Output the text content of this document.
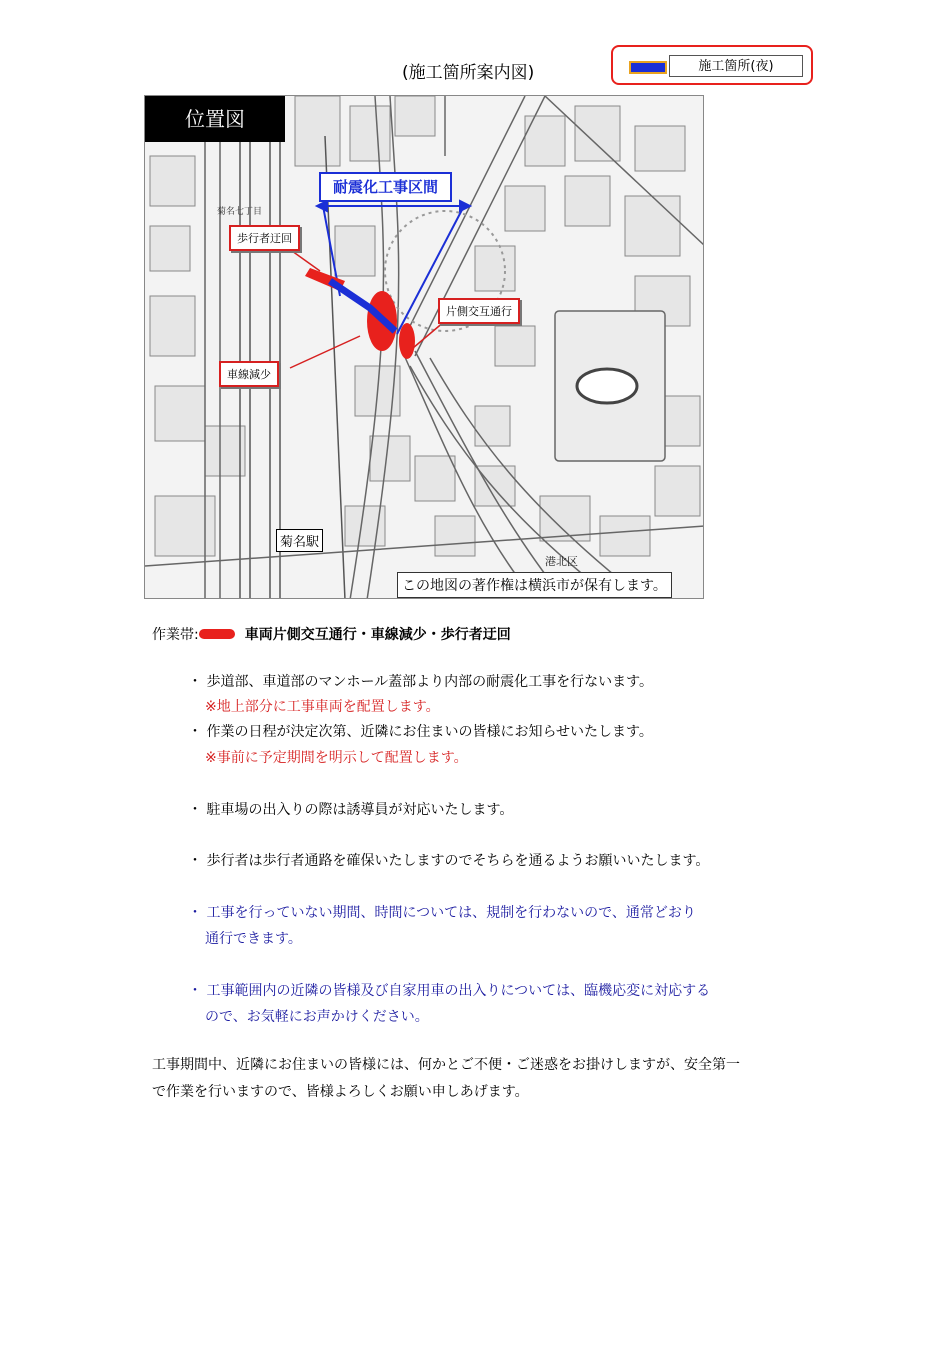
(施工箇所案内図)	施工箇所(夜)
位置図
耐震化工事区間
歩行者迂回
片側交互通行
車線減少
菊名七丁目
菊名駅
港北区
この地図の著作権は横浜市が保有します。
作業帯:	車両片側交互通行・車線減少・歩行者迂回
・ 歩道部、車道部のマンホール蓋部より内部の耐震化工事を行ないます。
※地上部分に工事車両を配置します。
・ 作業の日程が決定次第、近隣にお住まいの皆様にお知らせいたします。
※事前に予定期間を明示して配置します。
・ 駐車場の出入りの際は誘導員が対応いたします。
・ 歩行者は歩行者通路を確保いたしますのでそちらを通るようお願いいたします。
・ 工事を行っていない期間、時間については、規制を行わないので、通常どおり
通行できます。
・ 工事範囲内の近隣の皆様及び自家用車の出入りについては、臨機応変に対応する
ので、お気軽にお声かけください。
工事期間中、近隣にお住まいの皆様には、何かとご不便・ご迷惑をお掛けしますが、安全第一
で作業を行いますので、皆様よろしくお願い申しあげます。
